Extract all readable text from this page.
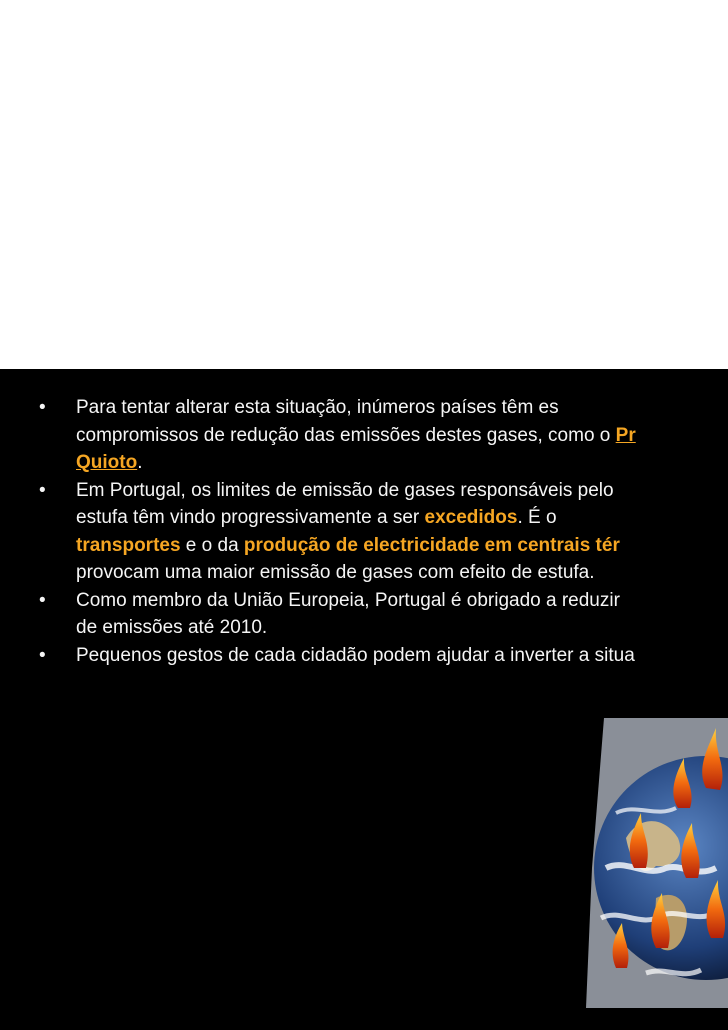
• Para tentar alterar esta situação, inúmeros países têm es
compromissos de redução das emissões destes gases, como o Pr
Quioto.
• Em Portugal, os limites de emissão de gases responsáveis pelo
estufa têm vindo progressivamente a ser excedidos. É o
transportes e o da produção de electricidade em centrais tér
provocam uma maior emissão de gases com efeito de estufa.
• Como membro da União Europeia, Portugal é obrigado a reduzir
de emissões até 2010.
• Pequenos gestos de cada cidadão podem ajudar a inverter a situa
